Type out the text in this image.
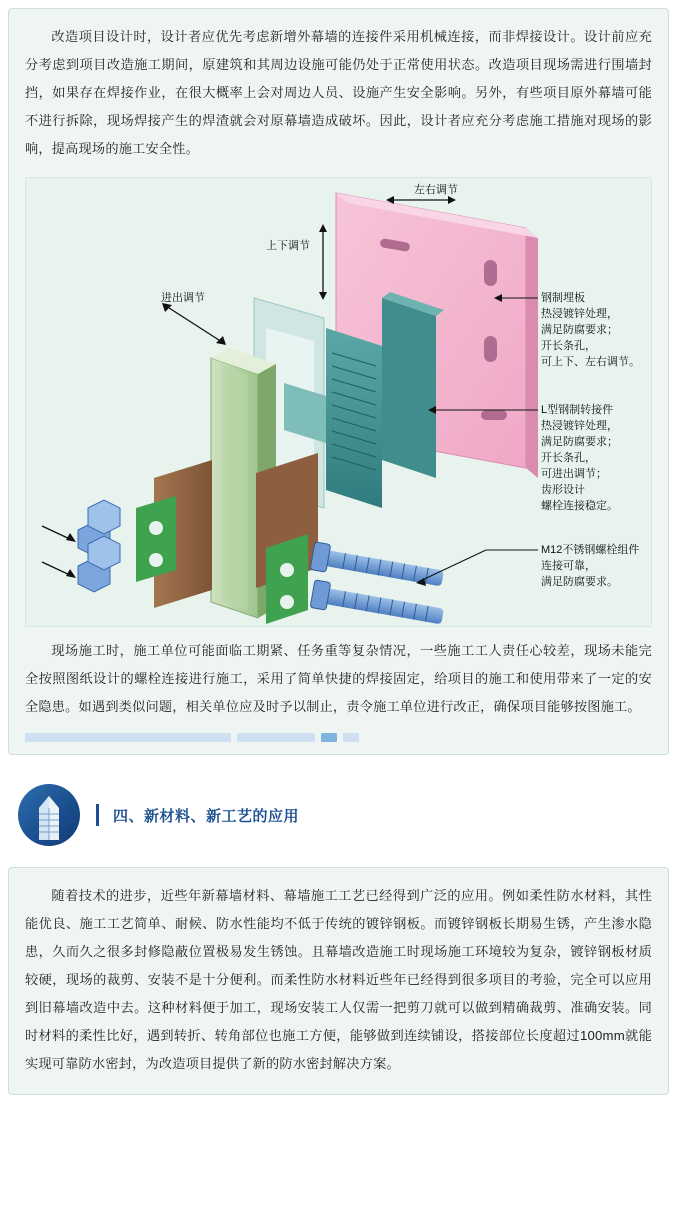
改造项目设计时，设计者应优先考虑新增外幕墙的连接件采用机械连接，而非焊接设计。设计前应充分考虑到项目改造施工期间，原建筑和其周边设施可能仍处于正常使用状态。改造项目现场需进行围墙封挡，如果存在焊接作业，在很大概率上会对周边人员、设施产生安全影响。另外，有些项目原外幕墙可能不进行拆除，现场焊接产生的焊渣就会对原幕墙造成破坏。因此，设计者应充分考虑施工措施对现场的影响，提高现场的施工安全性。

左右调节
上下调节
进出调节	钢制埋板
热浸镀锌处理，
满足防腐要求；
开长条孔，
可上下、左右调节。
L型钢制转接件
热浸镀锌处理，
满足防腐要求；
开长条孔，
可进出调节；
齿形设计
螺栓连接稳定。
M12不锈钢螺栓组件
连接可靠，
满足防腐要求。

现场施工时，施工单位可能面临工期紧、任务重等复杂情况，一些施工工人责任心较差，现场未能完全按照图纸设计的螺栓连接进行施工，采用了简单快捷的焊接固定，给项目的施工和使用带来了一定的安全隐患。如遇到类似问题，相关单位应及时予以制止，责令施工单位进行改正，确保项目能够按图施工。

四、新材料、新工艺的应用

随着技术的进步，近些年新幕墙材料、幕墙施工工艺已经得到广泛的应用。例如柔性防水材料，其性能优良、施工工艺简单、耐候、防水性能均不低于传统的镀锌钢板。而镀锌钢板长期易生锈，产生渗水隐患，久而久之很多封修隐蔽位置极易发生锈蚀。且幕墙改造施工时现场施工环境较为复杂，镀锌钢板材质较硬，现场的裁剪、安装不是十分便利。而柔性防水材料近些年已经得到很多项目的考验，完全可以应用到旧幕墙改造中去。这种材料便于加工，现场安装工人仅需一把剪刀就可以做到精确裁剪、准确安装。同时材料的柔性比好，遇到转折、转角部位也施工方便，能够做到连续铺设，搭接部位长度超过100mm就能实现可靠防水密封，为改造项目提供了新的防水密封解决方案。
